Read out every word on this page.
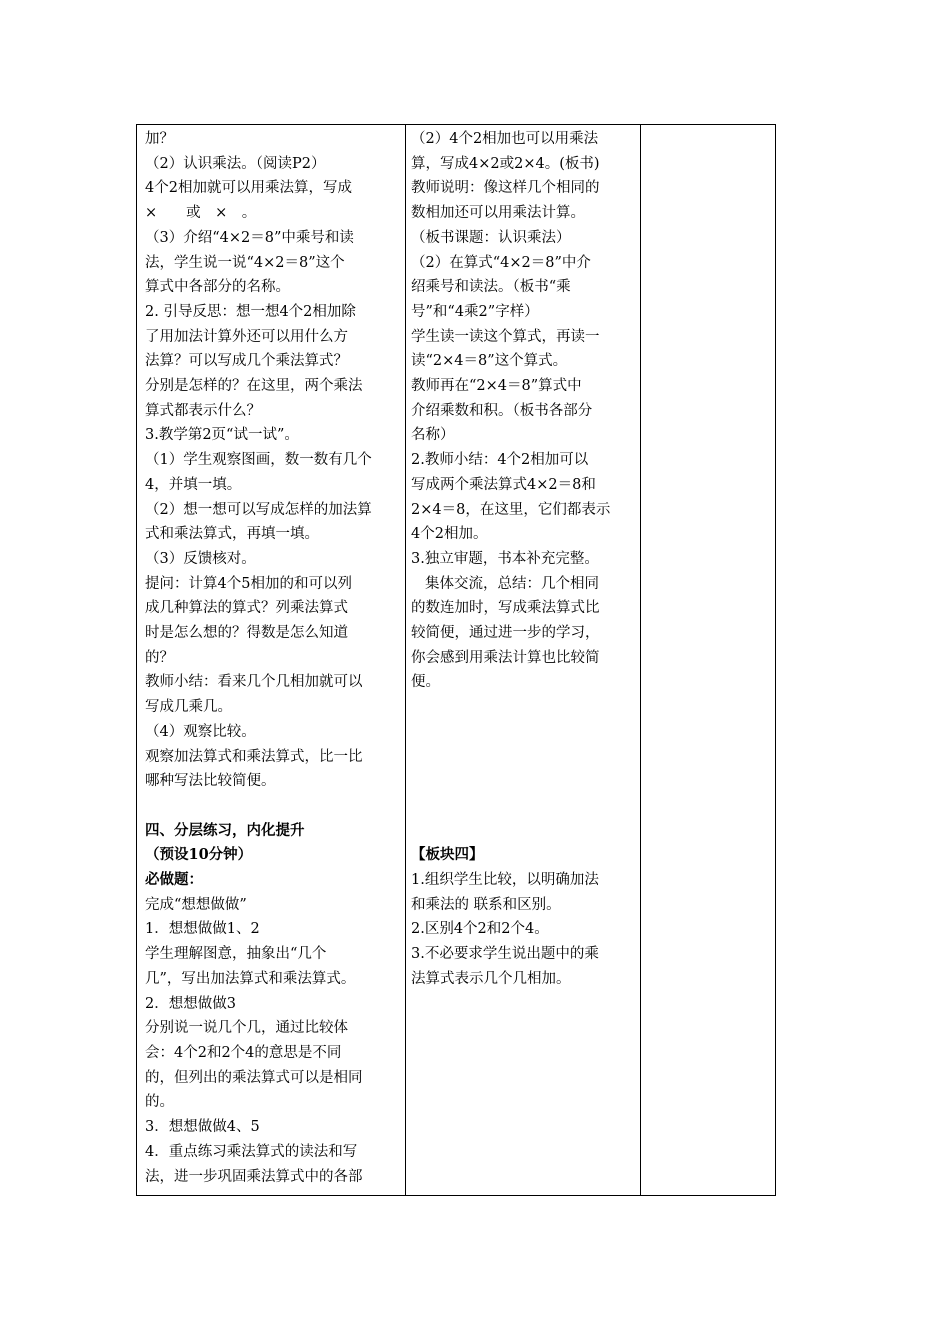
加？
（2）认识乘法。（阅读P2）
4个2相加就可以用乘法算，写成
×　　或　×　。
（3）介绍“4×2＝8”中乘号和读
法，学生说一说“4×2＝8”这个
算式中各部分的名称。
2. 引导反思：想一想4个2相加除
了用加法计算外还可以用什么方
法算？可以写成几个乘法算式？
分别是怎样的？在这里，两个乘法
算式都表示什么？
3.教学第2页“试一试”。
（1）学生观察图画，数一数有几个
4，并填一填。
（2）想一想可以写成怎样的加法算
式和乘法算式，再填一填。
（3）反馈核对。
提问：计算4个5相加的和可以列
成几种算法的算式？列乘法算式
时是怎么想的？得数是怎么知道
的？
教师小结：看来几个几相加就可以
写成几乘几。
（4）观察比较。
观察加法算式和乘法算式，比一比
哪种写法比较简便。
四、分层练习，内化提升
（预设10分钟）
必做题：
完成“想想做做”
1．想想做做1、2
学生理解图意，抽象出“几个
几”，写出加法算式和乘法算式。
2．想想做做3
分别说一说几个几，通过比较体
会：4个2和2个4的意思是不同
的，但列出的乘法算式可以是相同
的。
3．想想做做4、5
4．重点练习乘法算式的读法和写
法，进一步巩固乘法算式中的各部
（2）4个2相加也可以用乘法
算，写成4×2或2×4。(板书)
教师说明：像这样几个相同的
数相加还可以用乘法计算。
（板书课题：认识乘法）
（2）在算式“4×2＝8”中介
绍乘号和读法。（板书“乘
号”和“4乘2”字样）
学生读一读这个算式，再读一
读“2×4＝8”这个算式。
教师再在“2×4＝8”算式中
介绍乘数和积。（板书各部分
名称）
2.教师小结：4个2相加可以
写成两个乘法算式4×2＝8和
2×4＝8，在这里，它们都表示
4个2相加。
3.独立审题，书本补充完整。
集体交流，总结：几个相同
的数连加时，写成乘法算式比
较简便，通过进一步的学习，
你会感到用乘法计算也比较简
便。
【板块四】
1.组织学生比较，以明确加法
和乘法的 联系和区别。
2.区别4个2和2个4。
3.不必要求学生说出题中的乘
法算式表示几个几相加。
